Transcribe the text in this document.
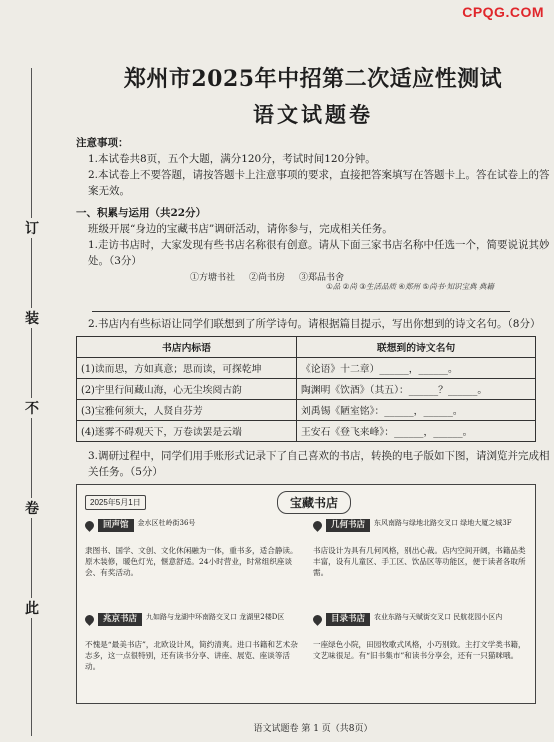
CPQG.COM
订
装
不
卷
此
郑州市2025年中招第二次适应性测试
语文试题卷

注意事项：

1.本试卷共8页，五个大题，满分120分，考试时间120分钟。

2.本试卷上不要答题，请按答题卡上注意事项的要求，直接把答案填写在答题卡上。答在试卷上的答案无效。

一、积累与运用（共22分）

班级开展“身边的宝藏书店”调研活动，请你参与，完成相关任务。

1.走访书店时，大家发现有些书店名称很有创意。请从下面三家书店名称中任选一个，简要说说其妙处。（3分）

①方塘书社 ②尚书房 ③郑品书舍
①品 ②尚 ③生活品质 ④郑州 ⑤尚书·知识宝典 典籍

2.书店内有些标语让同学们联想到了所学诗句。请根据篇目提示，写出你想到的诗文名句。（8分）

书店内标语	联想到的诗文名句
(1)读而思，方如真意；思而读，可探乾坤	《论语》十二章）______，______。
(2)宇里行间藏山海，心无尘埃阅古韵	陶渊明《饮酒》（其五）：______？______。
(3)宝雅何须大，人贤自芬芳	刘禹锡《陋室铭》：______，______。
(4)迷雾不碍观天下，万卷读罢是云端	王安石《登飞来峰》：______，______。

3.调研过程中，同学们用手账形式记录下了自己喜欢的书店，转换的电子版如下图，请浏览并完成相关任务。（5分）

2025年5月1日	宝藏书店
回声馆	金水区杜岭街36号
隶图书、国学、文创、文化休闲融为一体，重书多，适合静读。原木装修，暖色灯光，惬意舒适。24小时营业，时常组织座谈会、有奖活动。
几何书店	东风南路与绿地北路交叉口 绿地大厦之城3F
书店设计为具有几何风格，别出心裁。店内空间开阔，书籍品类丰富，设有儿童区、手工区、饮品区等功能区，便于读者各取所需。
兆京书店	九如路与龙湖中环南路交叉口 龙湖里2楼D区
不愧是“最美书店”，北欧设计风，简约清爽。进口书籍和艺术杂志多，这一点很特别，还有读书分享、讲座、展览、座谈等活动。
目录书店	农业东路与天赋街交叉口 民航花园小区内
一座绿色小院，田园牧歌式风格，小巧别致。主打文学类书籍，文艺味很足。有“旧书集市”和读书分享会，还有一只猫咪哦。
语文试题卷 第 1 页（共8页）
